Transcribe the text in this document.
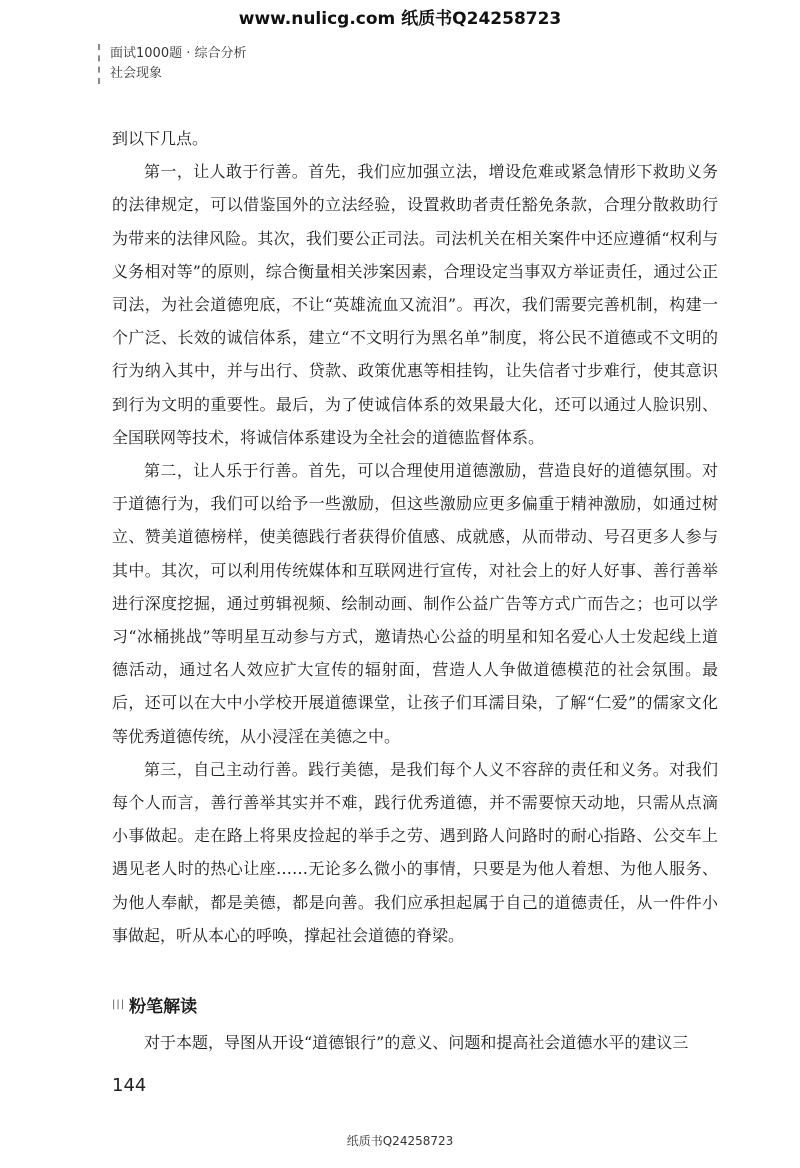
www.nulicg.com 纸质书Q24258723
面试1000题 · 综合分析
社会现象

到以下几点。

第一，让人敢于行善。首先，我们应加强立法，增设危难或紧急情形下救助义务的法律规定，可以借鉴国外的立法经验，设置救助者责任豁免条款，合理分散救助行为带来的法律风险。其次，我们要公正司法。司法机关在相关案件中还应遵循“权利与义务相对等”的原则，综合衡量相关涉案因素，合理设定当事双方举证责任，通过公正司法，为社会道德兜底，不让“英雄流血又流泪”。再次，我们需要完善机制，构建一个广泛、长效的诚信体系，建立“不文明行为黑名单”制度，将公民不道德或不文明的行为纳入其中，并与出行、贷款、政策优惠等相挂钩，让失信者寸步难行，使其意识到行为文明的重要性。最后，为了使诚信体系的效果最大化，还可以通过人脸识别、全国联网等技术，将诚信体系建设为全社会的道德监督体系。

第二，让人乐于行善。首先，可以合理使用道德激励，营造良好的道德氛围。对于道德行为，我们可以给予一些激励，但这些激励应更多偏重于精神激励，如通过树立、赞美道德榜样，使美德践行者获得价值感、成就感，从而带动、号召更多人参与其中。其次，可以利用传统媒体和互联网进行宣传，对社会上的好人好事、善行善举进行深度挖掘，通过剪辑视频、绘制动画、制作公益广告等方式广而告之；也可以学习“冰桶挑战”等明星互动参与方式，邀请热心公益的明星和知名爱心人士发起线上道德活动，通过名人效应扩大宣传的辐射面，营造人人争做道德模范的社会氛围。最后，还可以在大中小学校开展道德课堂，让孩子们耳濡目染，了解“仁爱”的儒家文化等优秀道德传统，从小浸淫在美德之中。

第三，自己主动行善。践行美德，是我们每个人义不容辞的责任和义务。对我们每个人而言，善行善举其实并不难，践行优秀道德，并不需要惊天动地，只需从点滴小事做起。走在路上将果皮捡起的举手之劳、遇到路人问路时的耐心指路、公交车上遇见老人时的热心让座……无论多么微小的事情，只要是为他人着想、为他人服务、为他人奉献，都是美德，都是向善。我们应承担起属于自己的道德责任，从一件件小事做起，听从本心的呼唤，撑起社会道德的脊梁。

||| 粉笔解读
对于本题，导图从开设“道德银行”的意义、问题和提高社会道德水平的建议三
144
纸质书Q24258723
